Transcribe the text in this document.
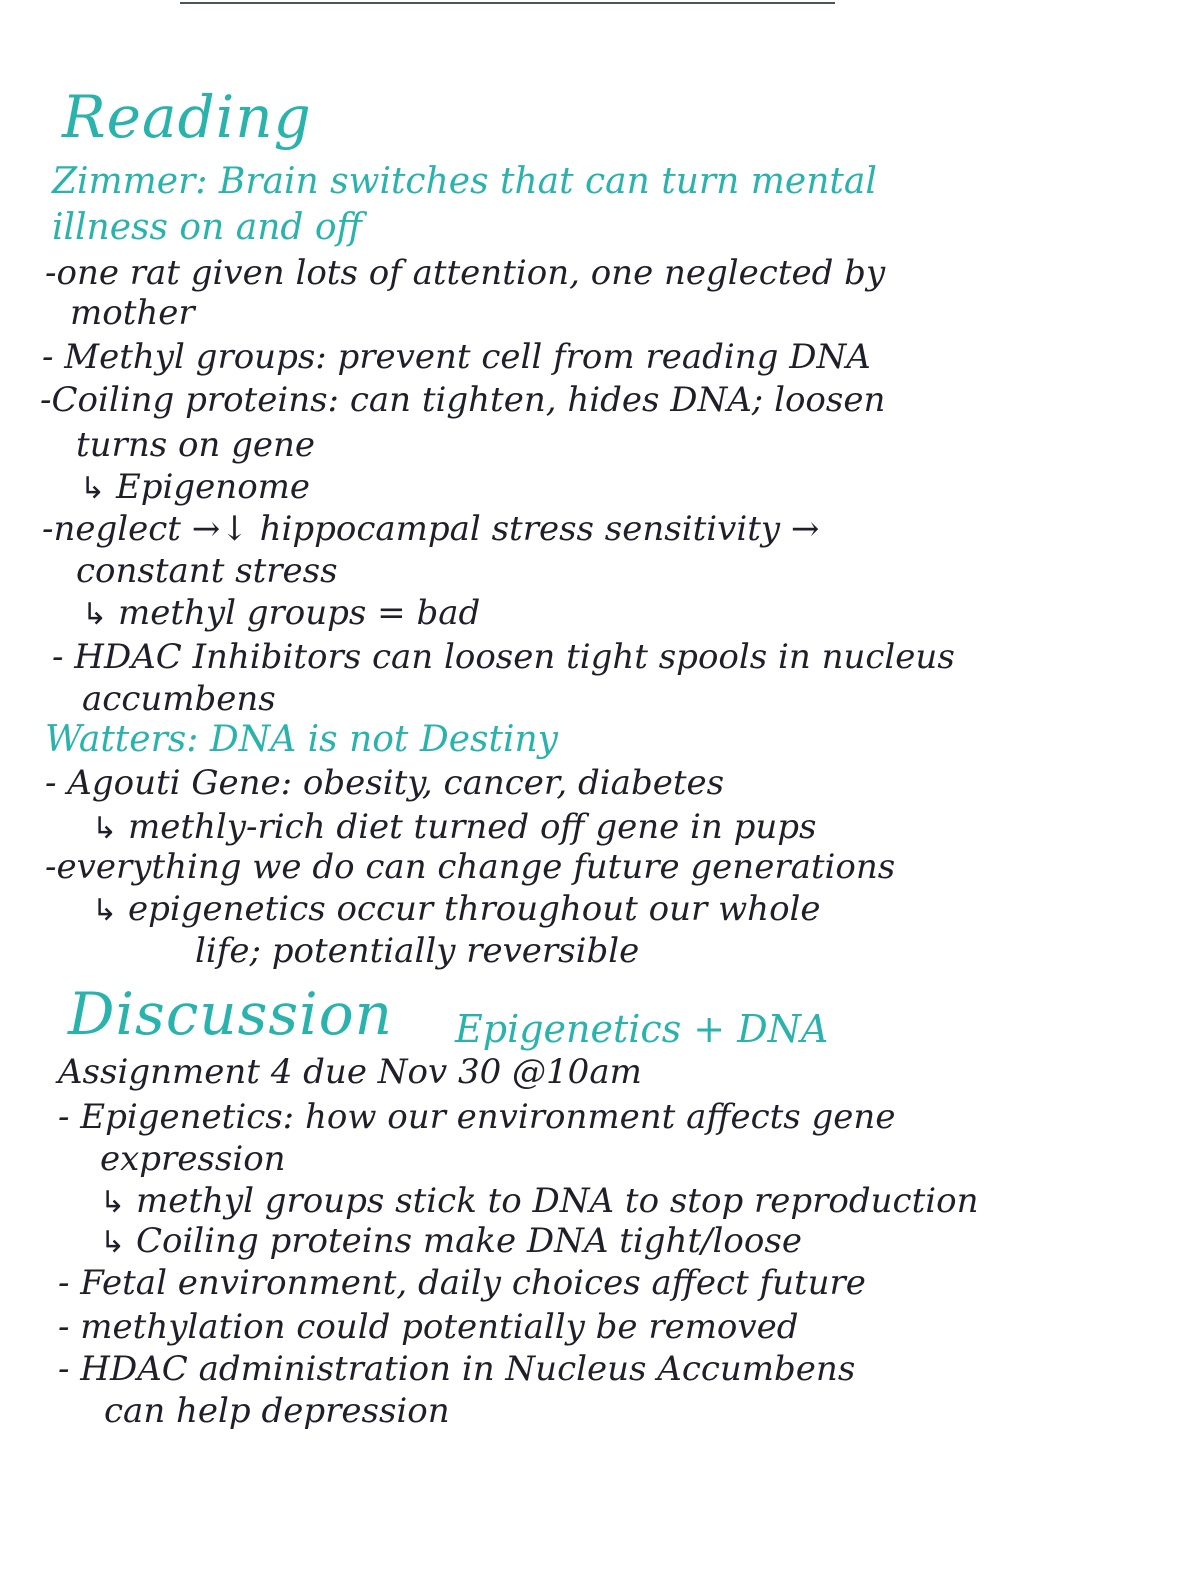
Reading
Zimmer: Brain switches that can turn mental
illness on and off
-one rat given lots of attention, one neglected by
mother
- Methyl groups: prevent cell from reading DNA
-Coiling proteins: can tighten, hides DNA; loosen
turns on gene
↳ Epigenome
-neglect →↓ hippocampal stress sensitivity →
constant stress
↳ methyl groups = bad
- HDAC Inhibitors can loosen tight spools in nucleus
accumbens
Watters: DNA is not Destiny
- Agouti Gene: obesity, cancer, diabetes
↳ methly-rich diet turned off gene in pups
-everything we do can change future generations
↳ epigenetics occur throughout our whole
life; potentially reversible
Discussion Epigenetics + DNA
Assignment 4 due Nov 30 @10am
- Epigenetics: how our environment affects gene
expression
↳ methyl groups stick to DNA to stop reproduction
↳ Coiling proteins make DNA tight/loose
- Fetal environment, daily choices affect future
- methylation could potentially be removed
- HDAC administration in Nucleus Accumbens
can help depression
